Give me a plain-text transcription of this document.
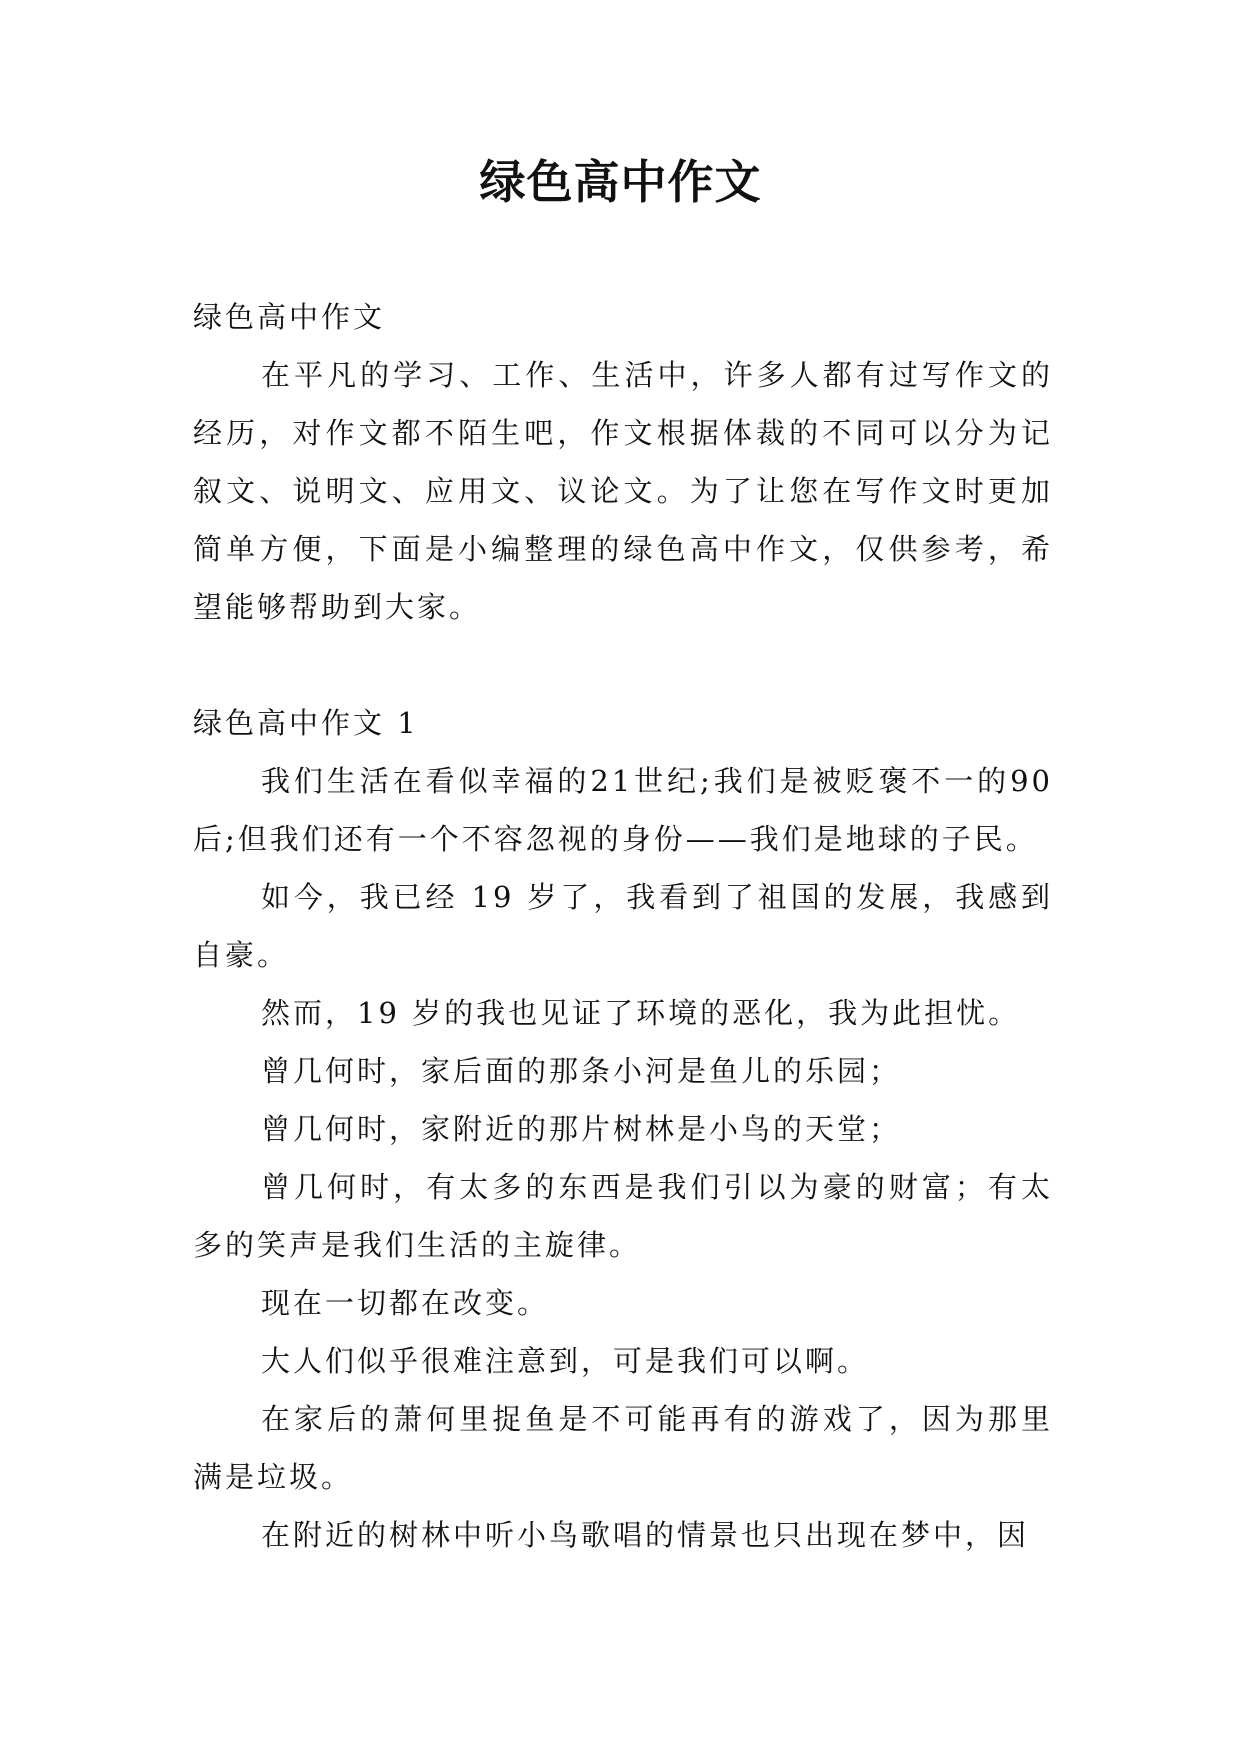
绿色高中作文

绿色高中作文

在平凡的学习、工作、生活中，许多人都有过写作文的经历，对作文都不陌生吧，作文根据体裁的不同可以分为记叙文、说明文、应用文、议论文。为了让您在写作文时更加简单方便，下面是小编整理的绿色高中作文，仅供参考，希望能够帮助到大家。

绿色高中作文 1

我们生活在看似幸福的21世纪;我们是被贬褒不一的90后;但我们还有一个不容忽视的身份——我们是地球的子民。

如今，我已经 19 岁了，我看到了祖国的发展，我感到自豪。

然而，19 岁的我也见证了环境的恶化，我为此担忧。

曾几何时，家后面的那条小河是鱼儿的乐园；

曾几何时，家附近的那片树林是小鸟的天堂；

曾几何时，有太多的东西是我们引以为豪的财富；有太多的笑声是我们生活的主旋律。

现在一切都在改变。

大人们似乎很难注意到，可是我们可以啊。

在家后的萧何里捉鱼是不可能再有的游戏了，因为那里满是垃圾。

在附近的树林中听小鸟歌唱的情景也只出现在梦中，因
